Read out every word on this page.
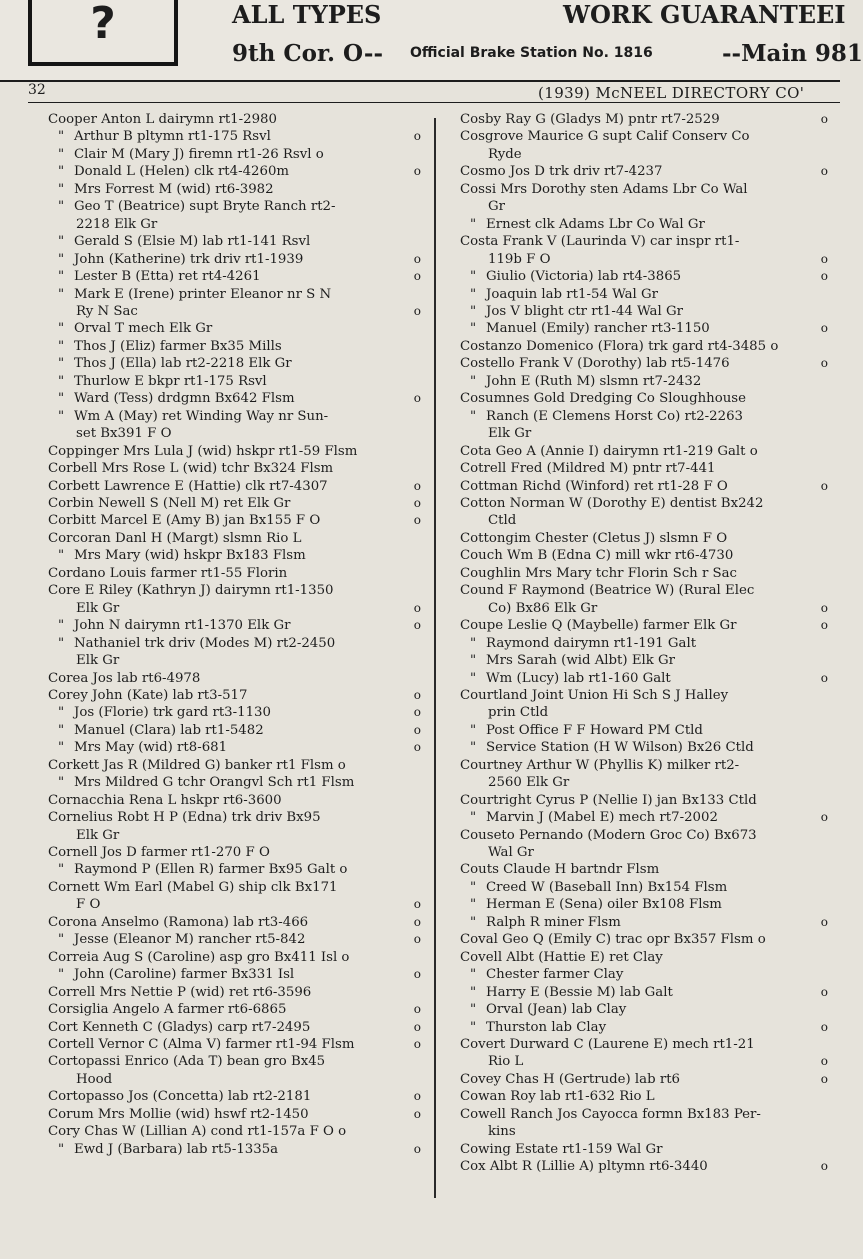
?	ALL TYPES
9th Cor. O-- Official Brake Station No. 1816
WORK GUARANTEEI
--Main 981
32	(1939) McNEEL DIRECTORY CO'
Cooper Anton L dairymn rt1-2980
" Arthur B pltymn rt1-175 Rsvl	o
" Clair M (Mary J) firemn rt1-26 Rsvl o
" Donald L (Helen) clk rt4-4260m	o
" Mrs Forrest M (wid) rt6-3982
" Geo T (Beatrice) supt Bryte Ranch rt2-
2218 Elk Gr
" Gerald S (Elsie M) lab rt1-141 Rsvl
" John (Katherine) trk driv rt1-1939	o
" Lester B (Etta) ret rt4-4261	o
" Mark E (Irene) printer Eleanor nr S N
Ry N Sac	o
" Orval T mech Elk Gr
" Thos J (Eliz) farmer Bx35 Mills
" Thos J (Ella) lab rt2-2218 Elk Gr
" Thurlow E bkpr rt1-175 Rsvl
" Ward (Tess) drdgmn Bx642 Flsm	o
" Wm A (May) ret Winding Way nr Sun-
set Bx391 F O
Coppinger Mrs Lula J (wid) hskpr rt1-59 Flsm
Corbell Mrs Rose L (wid) tchr Bx324 Flsm
Corbett Lawrence E (Hattie) clk rt7-4307	o
Corbin Newell S (Nell M) ret Elk Gr	o
Corbitt Marcel E (Amy B) jan Bx155 F O	o
Corcoran Danl H (Margt) slsmn Rio L
" Mrs Mary (wid) hskpr Bx183 Flsm
Cordano Louis farmer rt1-55 Florin
Core E Riley (Kathryn J) dairymn rt1-1350
Elk Gr	o
" John N dairymn rt1-1370 Elk Gr	o
" Nathaniel trk driv (Modes M) rt2-2450
Elk Gr
Corea Jos lab rt6-4978
Corey John (Kate) lab rt3-517	o
" Jos (Florie) trk gard rt3-1130	o
" Manuel (Clara) lab rt1-5482	o
" Mrs May (wid) rt8-681	o
Corkett Jas R (Mildred G) banker rt1 Flsm o
" Mrs Mildred G tchr Orangvl Sch rt1 Flsm
Cornacchia Rena L hskpr rt6-3600
Cornelius Robt H P (Edna) trk driv Bx95
Elk Gr
Cornell Jos D farmer rt1-270 F O
" Raymond P (Ellen R) farmer Bx95 Galt o
Cornett Wm Earl (Mabel G) ship clk Bx171
F O	o
Corona Anselmo (Ramona) lab rt3-466	o
" Jesse (Eleanor M) rancher rt5-842	o
Correia Aug S (Caroline) asp gro Bx411 Isl o
" John (Caroline) farmer Bx331 Isl	o
Correll Mrs Nettie P (wid) ret rt6-3596
Corsiglia Angelo A farmer rt6-6865	o
Cort Kenneth C (Gladys) carp rt7-2495	o
Cortell Vernor C (Alma V) farmer rt1-94 Flsm	o
Cortopassi Enrico (Ada T) bean gro Bx45
Hood
Cortopasso Jos (Concetta) lab rt2-2181	o
Corum Mrs Mollie (wid) hswf rt2-1450	o
Cory Chas W (Lillian A) cond rt1-157a F O o
" Ewd J (Barbara) lab rt5-1335a	o
Cosby Ray G (Gladys M) pntr rt7-2529	o
Cosgrove Maurice G supt Calif Conserv Co
Ryde
Cosmo Jos D trk driv rt7-4237	o
Cossi Mrs Dorothy sten Adams Lbr Co Wal
Gr
" Ernest clk Adams Lbr Co Wal Gr
Costa Frank V (Laurinda V) car inspr rt1-
119b F O	o
" Giulio (Victoria) lab rt4-3865	o
" Joaquin lab rt1-54 Wal Gr
" Jos V blight ctr rt1-44 Wal Gr
" Manuel (Emily) rancher rt3-1150	o
Costanzo Domenico (Flora) trk gard rt4-3485 o
Costello Frank V (Dorothy) lab rt5-1476	o
" John E (Ruth M) slsmn rt7-2432
Cosumnes Gold Dredging Co Sloughhouse
" Ranch (E Clemens Horst Co) rt2-2263
Elk Gr
Cota Geo A (Annie I) dairymn rt1-219 Galt o
Cotrell Fred (Mildred M) pntr rt7-441
Cottman Richd (Winford) ret rt1-28 F O	o
Cotton Norman W (Dorothy E) dentist Bx242
Ctld
Cottongim Chester (Cletus J) slsmn F O
Couch Wm B (Edna C) mill wkr rt6-4730
Coughlin Mrs Mary tchr Florin Sch r Sac
Cound F Raymond (Beatrice W) (Rural Elec
Co) Bx86 Elk Gr	o
Coupe Leslie Q (Maybelle) farmer Elk Gr	o
" Raymond dairymn rt1-191 Galt
" Mrs Sarah (wid Albt) Elk Gr
" Wm (Lucy) lab rt1-160 Galt	o
Courtland Joint Union Hi Sch S J Halley
prin Ctld
" Post Office F F Howard PM Ctld
" Service Station (H W Wilson) Bx26 Ctld
Courtney Arthur W (Phyllis K) milker rt2-
2560 Elk Gr
Courtright Cyrus P (Nellie I) jan Bx133 Ctld
" Marvin J (Mabel E) mech rt7-2002	o
Couseto Pernando (Modern Groc Co) Bx673
Wal Gr
Couts Claude H bartndr Flsm
" Creed W (Baseball Inn) Bx154 Flsm
" Herman E (Sena) oiler Bx108 Flsm
" Ralph R miner Flsm	o
Coval Geo Q (Emily C) trac opr Bx357 Flsm o
Covell Albt (Hattie E) ret Clay
" Chester farmer Clay
" Harry E (Bessie M) lab Galt	o
" Orval (Jean) lab Clay
" Thurston lab Clay	o
Covert Durward C (Laurene E) mech rt1-21
Rio L	o
Covey Chas H (Gertrude) lab rt6	o
Cowan Roy lab rt1-632 Rio L
Cowell Ranch Jos Cayocca formn Bx183 Per-
kins
Cowing Estate rt1-159 Wal Gr
Cox Albt R (Lillie A) pltymn rt6-3440	o
